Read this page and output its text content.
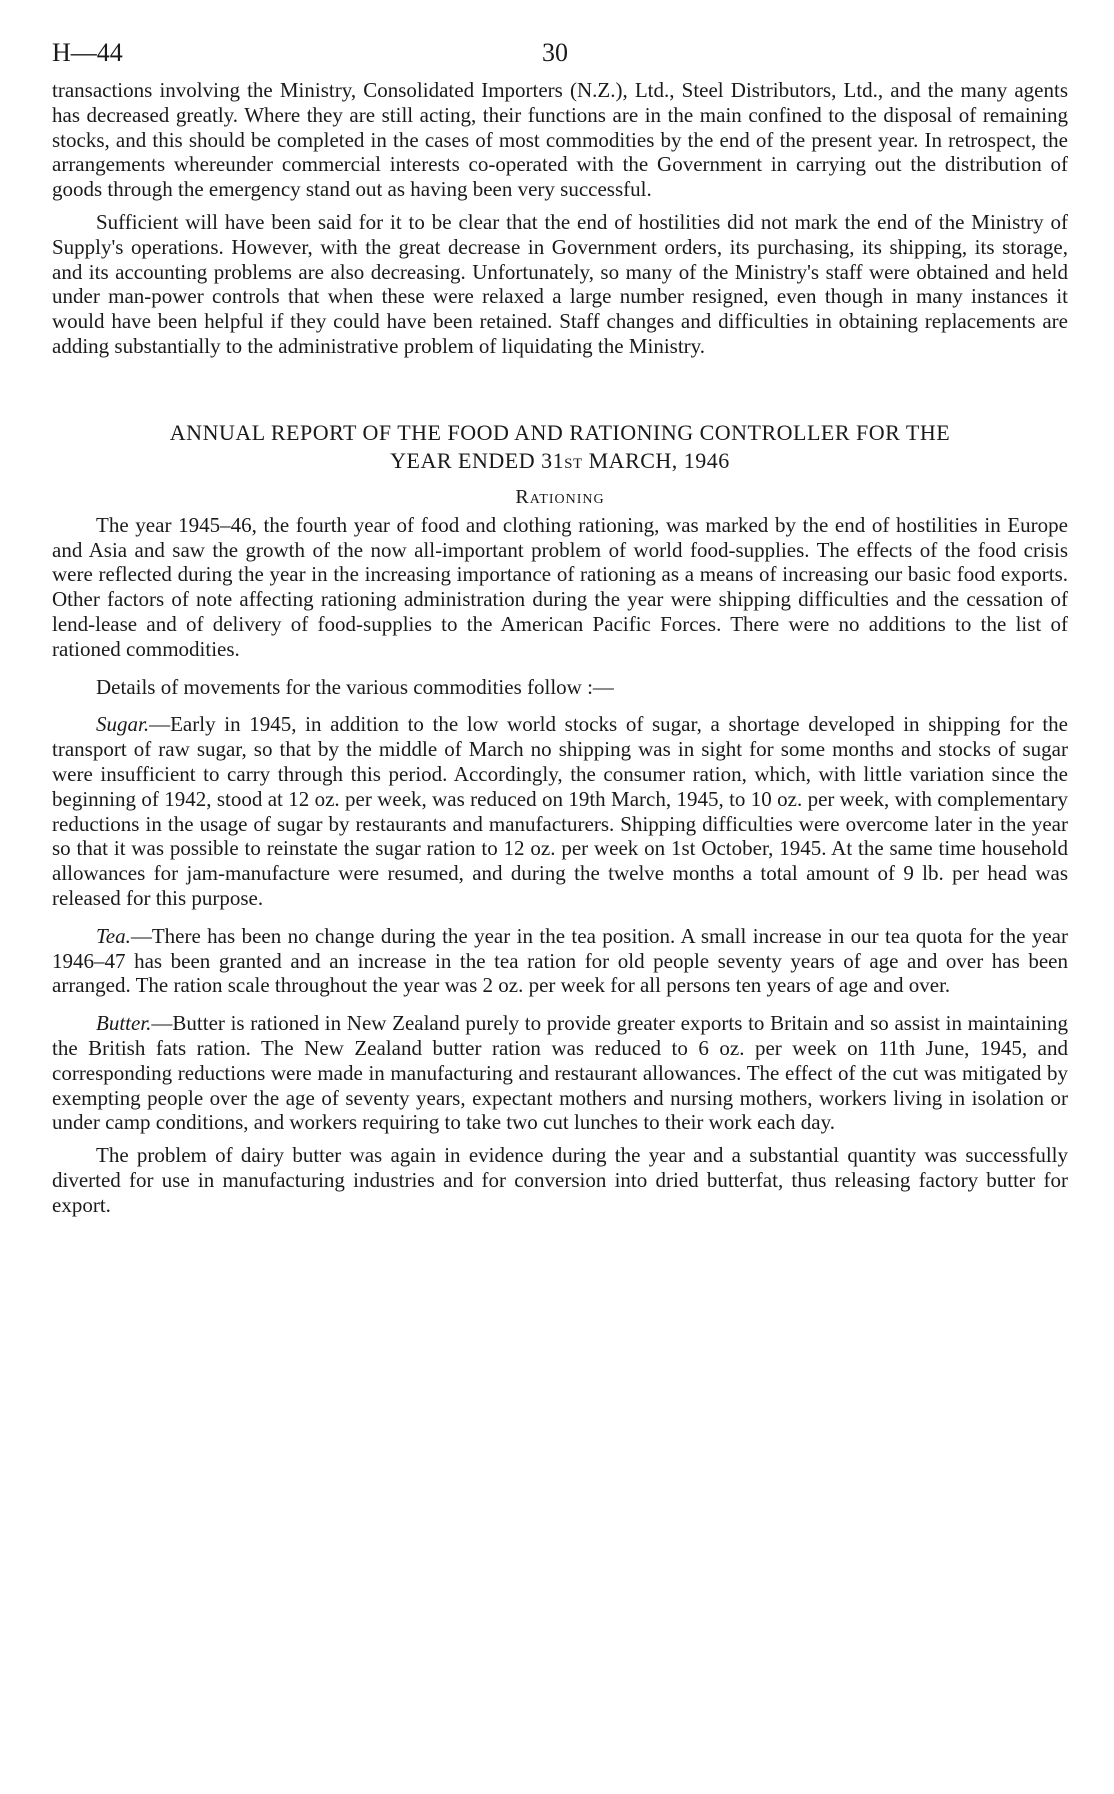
H—44	30

transactions involving the Ministry, Consolidated Importers (N.Z.), Ltd., Steel Distributors, Ltd., and the many agents has decreased greatly. Where they are still acting, their functions are in the main confined to the disposal of remaining stocks, and this should be completed in the cases of most commodities by the end of the present year. In retrospect, the arrangements whereunder commercial interests co-operated with the Government in carrying out the distribution of goods through the emergency stand out as having been very successful.

Sufficient will have been said for it to be clear that the end of hostilities did not mark the end of the Ministry of Supply's operations. However, with the great decrease in Government orders, its purchasing, its shipping, its storage, and its accounting problems are also decreasing. Unfortunately, so many of the Ministry's staff were obtained and held under man-power controls that when these were relaxed a large number resigned, even though in many instances it would have been helpful if they could have been retained. Staff changes and difficulties in obtaining replacements are adding substantially to the administrative problem of liquidating the Ministry.

ANNUAL REPORT OF THE FOOD AND RATIONING CONTROLLER FOR THE
YEAR ENDED 31ST MARCH, 1946
Rationing

The year 1945–46, the fourth year of food and clothing rationing, was marked by the end of hostilities in Europe and Asia and saw the growth of the now all-important problem of world food-supplies. The effects of the food crisis were reflected during the year in the increasing importance of rationing as a means of increasing our basic food exports. Other factors of note affecting rationing administration during the year were shipping difficulties and the cessation of lend-lease and of delivery of food-supplies to the American Pacific Forces. There were no additions to the list of rationed commodities.

Details of movements for the various commodities follow :—

Sugar.—Early in 1945, in addition to the low world stocks of sugar, a shortage developed in shipping for the transport of raw sugar, so that by the middle of March no shipping was in sight for some months and stocks of sugar were insufficient to carry through this period. Accordingly, the consumer ration, which, with little variation since the beginning of 1942, stood at 12 oz. per week, was reduced on 19th March, 1945, to 10 oz. per week, with complementary reductions in the usage of sugar by restaurants and manufacturers. Shipping difficulties were overcome later in the year so that it was possible to reinstate the sugar ration to 12 oz. per week on 1st October, 1945. At the same time household allowances for jam-manufacture were resumed, and during the twelve months a total amount of 9 lb. per head was released for this purpose.

Tea.—There has been no change during the year in the tea position. A small increase in our tea quota for the year 1946–47 has been granted and an increase in the tea ration for old people seventy years of age and over has been arranged. The ration scale throughout the year was 2 oz. per week for all persons ten years of age and over.

Butter.—Butter is rationed in New Zealand purely to provide greater exports to Britain and so assist in maintaining the British fats ration. The New Zealand butter ration was reduced to 6 oz. per week on 11th June, 1945, and corresponding reductions were made in manufacturing and restaurant allowances. The effect of the cut was mitigated by exempting people over the age of seventy years, expectant mothers and nursing mothers, workers living in isolation or under camp conditions, and workers requiring to take two cut lunches to their work each day.

The problem of dairy butter was again in evidence during the year and a substantial quantity was successfully diverted for use in manufacturing industries and for conversion into dried butterfat, thus releasing factory butter for export.
